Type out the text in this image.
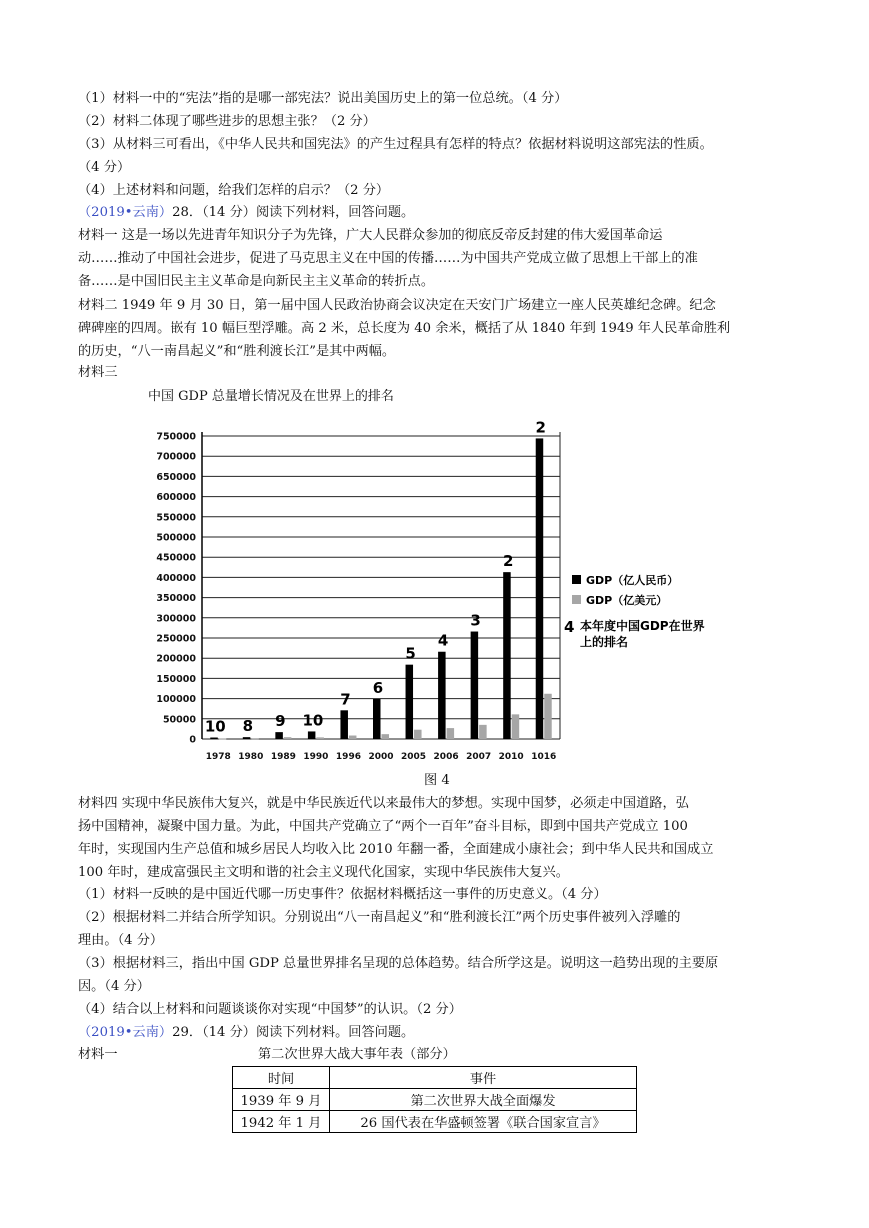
（1）材料一中的“宪法”指的是哪一部宪法？说出美国历史上的第一位总统。（4 分）
（2）材料二体现了哪些进步的思想主张？（2 分）
（3）从材料三可看出，《中华人民共和国宪法》的产生过程具有怎样的特点？依据材料说明这部宪法的性质。
（4 分）
（4）上述材料和问题，给我们怎样的启示？（2 分）
（2019•云南）28．（14 分）阅读下列材料，回答问题。
材料一 这是一场以先进青年知识分子为先锋，广大人民群众参加的彻底反帝反封建的伟大爱国革命运
动……推动了中国社会进步，促进了马克思主义在中国的传播……为中国共产党成立做了思想上干部上的准
备……是中国旧民主主义革命是向新民主主义革命的转折点。
材料二 1949 年 9 月 30 日，第一届中国人民政治协商会议决定在天安门广场建立一座人民英雄纪念碑。纪念
碑碑座的四周。嵌有 10 幅巨型浮雕。高 2 米，总长度为 40 余米，概括了从 1840 年到 1949 年人民革命胜利
的历史，“八一南昌起义”和“胜利渡长江”是其中两幅。
材料三
中国 GDP 总量增长情况及在世界上的排名
750000
700000
650000
600000
550000
500000
450000
400000
350000
300000
250000
200000
150000
100000
50000
0
1978
10
1980
8
1989
9
1990
10
1996
7
2000
6
2005
5
2006
4
2007
3
2010
2
1016
2
GDP（亿人民币）
GDP（亿美元）
4 本年度中国GDP在世界
上的排名
图 4
材料四 实现中华民族伟大复兴，就是中华民族近代以来最伟大的梦想。实现中国梦，必须走中国道路，弘
扬中国精神，凝聚中国力量。为此，中国共产党确立了“两个一百年”奋斗目标，即到中国共产党成立 100
年时，实现国内生产总值和城乡居民人均收入比 2010 年翻一番，全面建成小康社会；到中华人民共和国成立
100 年时，建成富强民主文明和谐的社会主义现代化国家，实现中华民族伟大复兴。
（1）材料一反映的是中国近代哪一历史事件？依据材料概括这一事件的历史意义。（4 分）
（2）根据材料二并结合所学知识。分别说出“八一南昌起义”和“胜利渡长江”两个历史事件被列入浮雕的
理由。（4 分）
（3）根据材料三，指出中国 GDP 总量世界排名呈现的总体趋势。结合所学这是。说明这一趋势出现的主要原
因。（4 分）
（4）结合以上材料和问题谈谈你对实现“中国梦”的认识。（2 分）
（2019•云南）29．（14 分）阅读下列材料。回答问题。
材料一	第二次世界大战大事年表（部分）
时间	事件
1939 年 9 月	第二次世界大战全面爆发
1942 年 1 月	26 国代表在华盛顿签署《联合国家宣言》
